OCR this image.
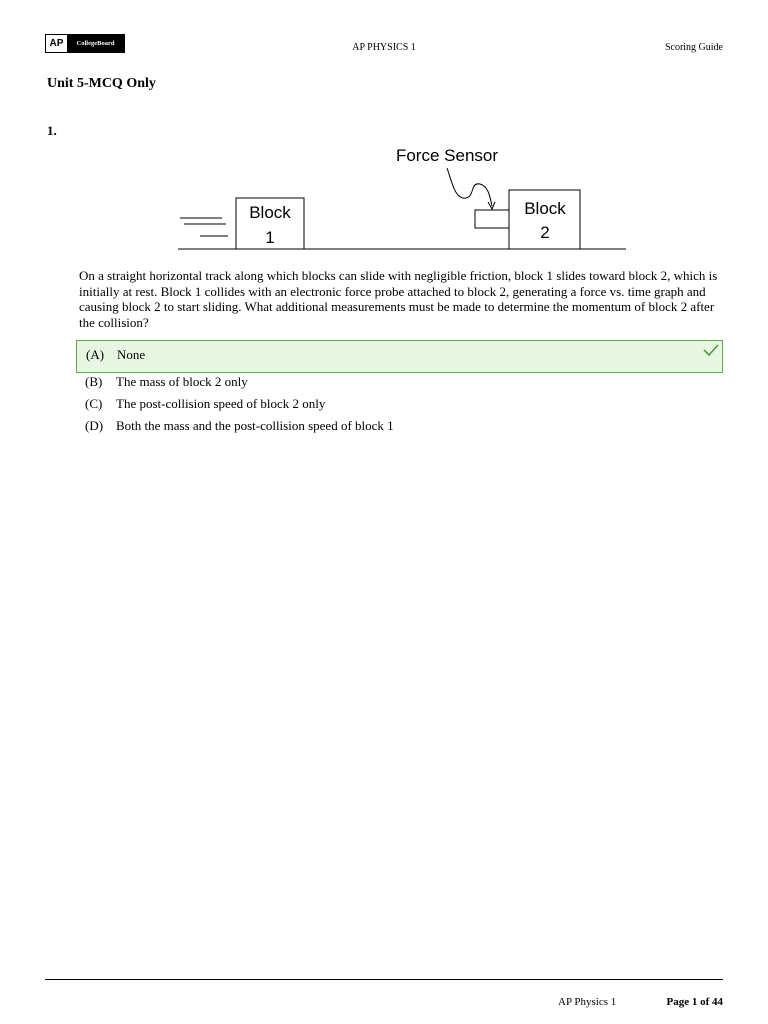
AP	CollegeBoard	AP PHYSICS 1	Scoring Guide
Unit 5-MCQ Only
1.
Block
1
Block
2
Force Sensor
On a straight horizontal track along which blocks can slide with negligible friction, block 1 slides toward block 2, which is initially at rest. Block 1 collides with an electronic force probe attached to block 2, generating a force vs. time graph and causing block 2 to start sliding. What additional measurements must be made to determine the momentum of block 2 after the collision?
(A) None
(B) The mass of block 2 only
(C) The post-collision speed of block 2 only
(D) Both the mass and the post-collision speed of block 1
AP Physics 1	Page 1 of 44
